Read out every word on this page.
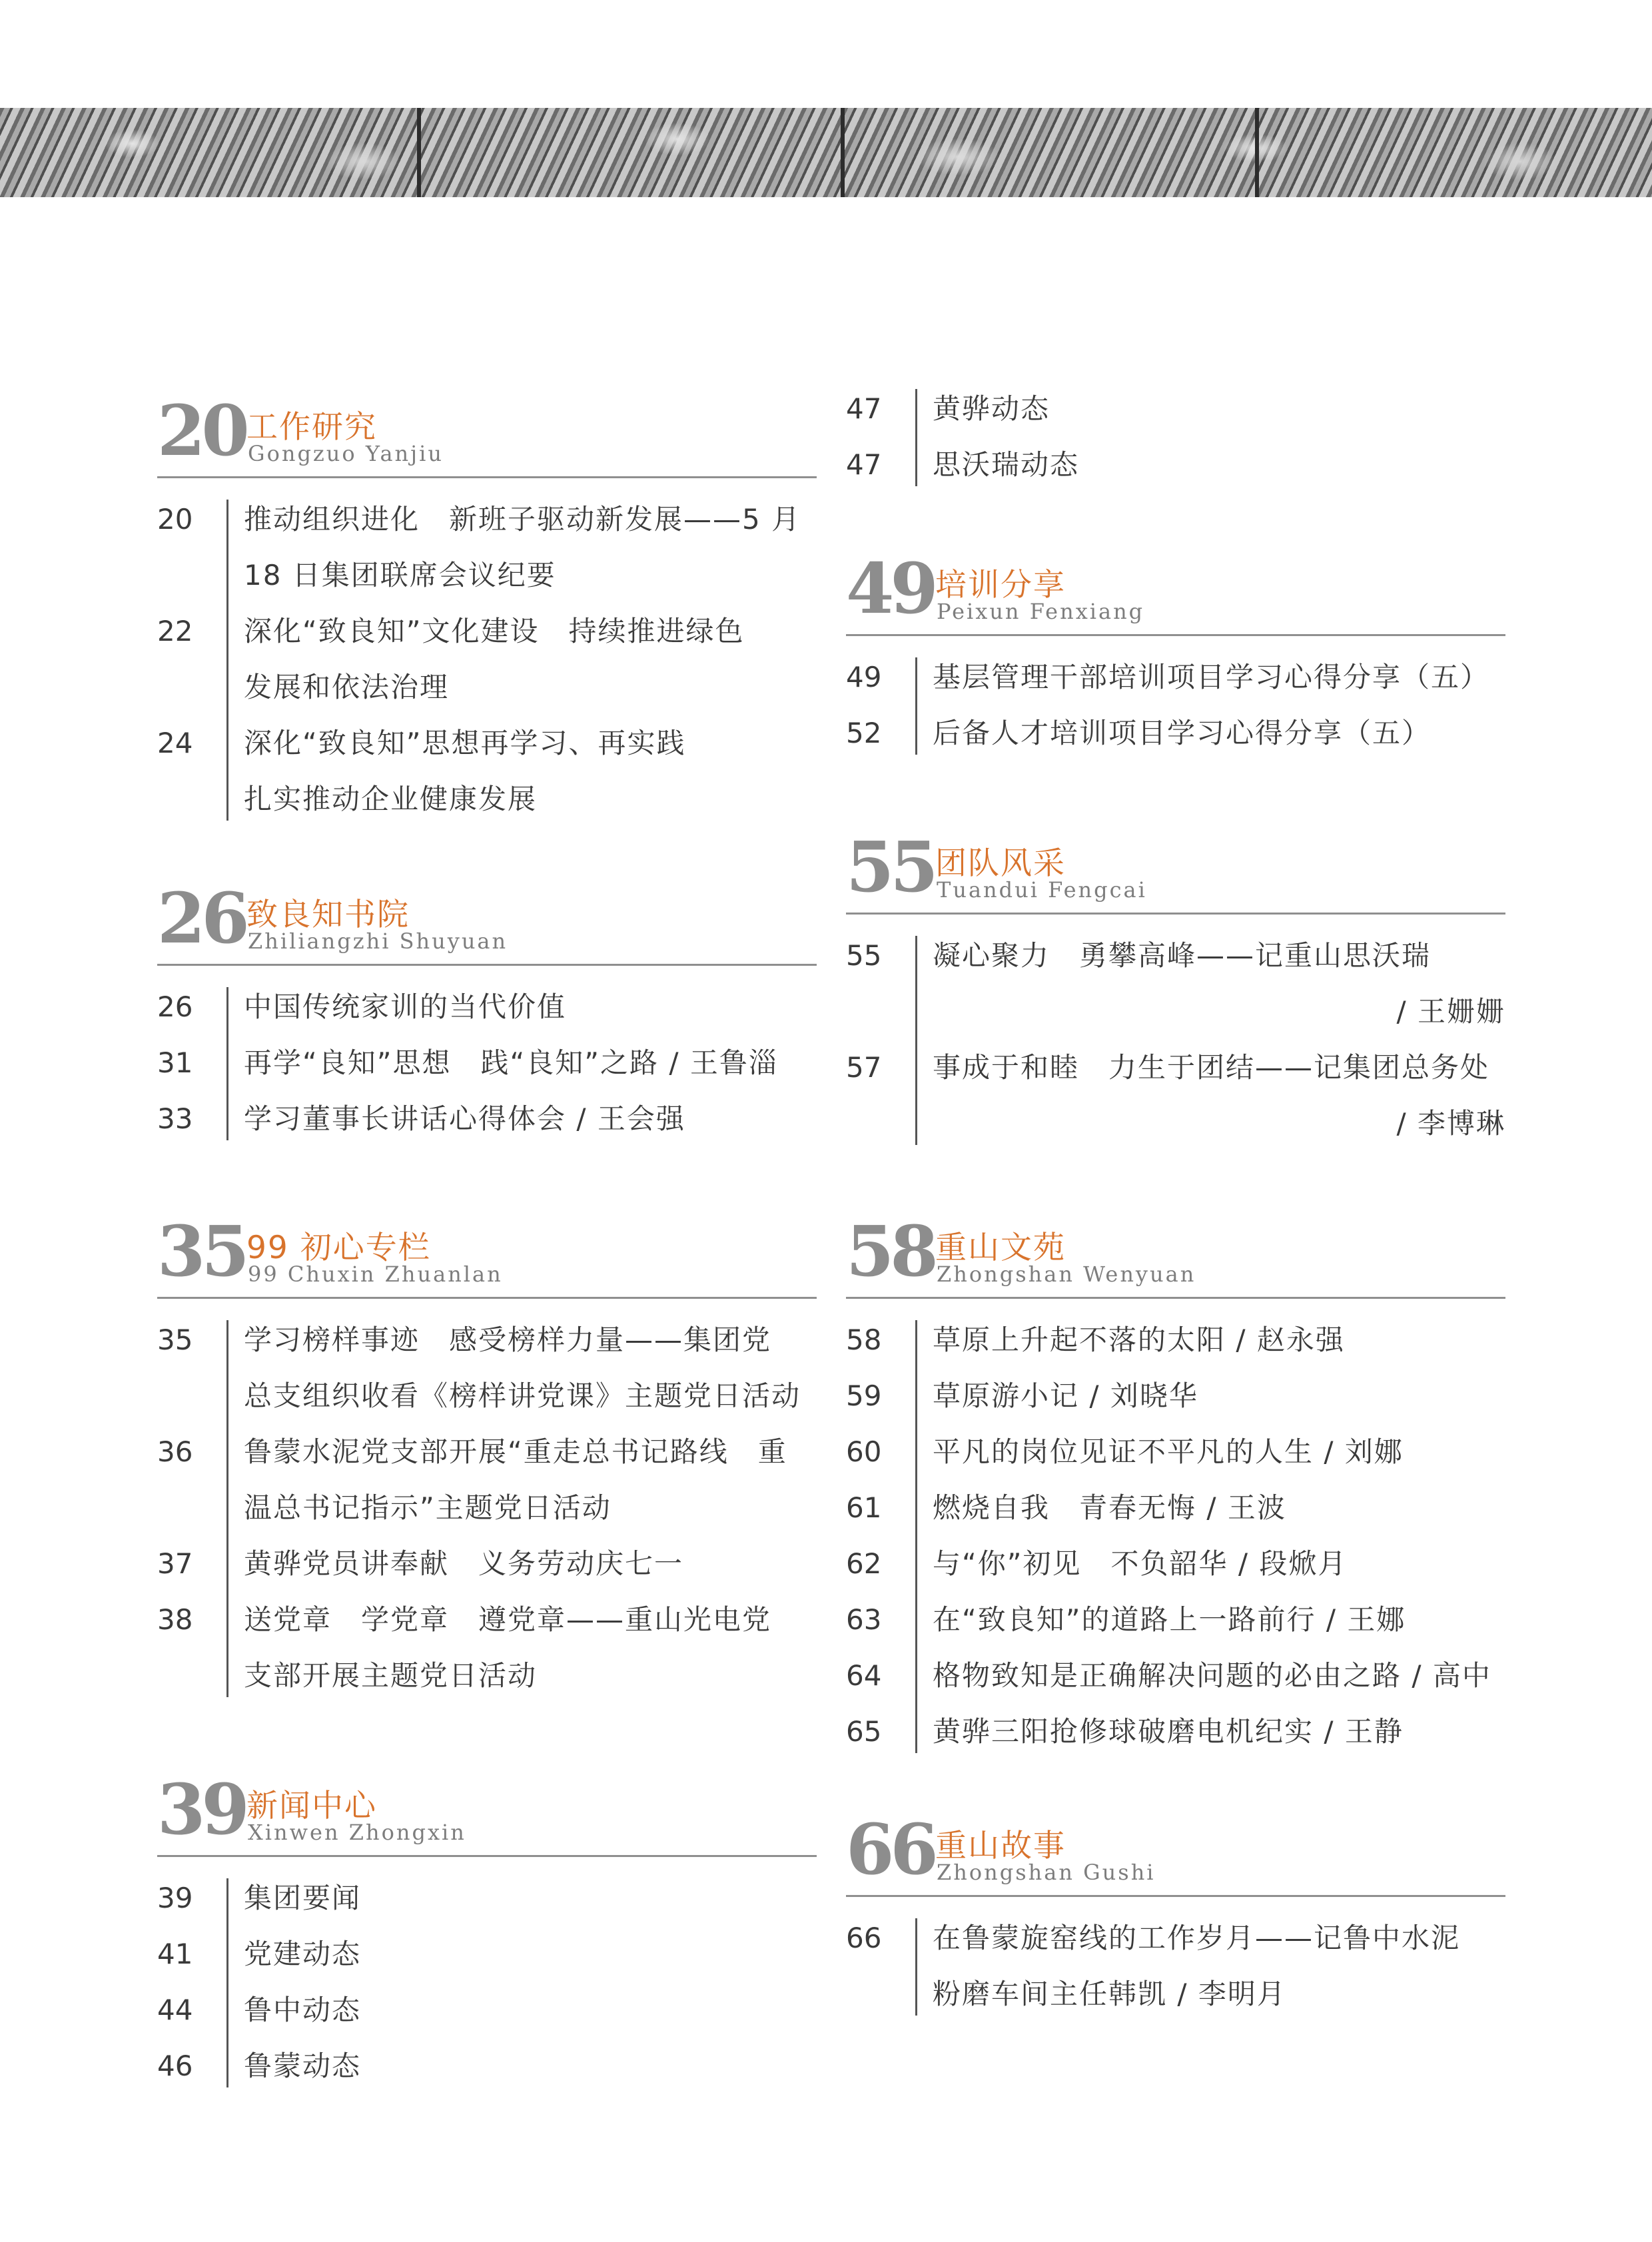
20 工作研究
Gongzuo Yanjiu
20	推动组织进化　新班子驱动新发展——5 月
18 日集团联席会议纪要
22	深化“致良知”文化建设　持续推进绿色
发展和依法治理
24	深化“致良知”思想再学习、再实践
扎实推动企业健康发展
26 致良知书院
Zhiliangzhi Shuyuan
26	中国传统家训的当代价值
31	再学“良知”思想　践“良知”之路 / 王鲁淄
33	学习董事长讲话心得体会 / 王会强
35 99 初心专栏
99 Chuxin Zhuanlan
35	学习榜样事迹　感受榜样力量——集团党
总支组织收看《榜样讲党课》主题党日活动
36	鲁蒙水泥党支部开展“重走总书记路线　重
温总书记指示”主题党日活动
37	黄骅党员讲奉献　义务劳动庆七一
38	送党章　学党章　遵党章——重山光电党
支部开展主题党日活动
39 新闻中心
Xinwen Zhongxin
39	集团要闻
41	党建动态
44	鲁中动态
46	鲁蒙动态
47	黄骅动态
47	思沃瑞动态
49 培训分享
Peixun Fenxiang
49	基层管理干部培训项目学习心得分享（五）
52	后备人才培训项目学习心得分享（五）
55 团队风采
Tuandui Fengcai
55	凝心聚力　勇攀高峰——记重山思沃瑞
/ 王姗姗
57	事成于和睦　力生于团结——记集团总务处
/ 李博琳
58 重山文苑
Zhongshan Wenyuan
58	草原上升起不落的太阳 / 赵永强
59	草原游小记 / 刘晓华
60	平凡的岗位见证不平凡的人生 / 刘娜
61	燃烧自我　青春无悔 / 王波
62	与“你”初见　不负韶华 / 段焮月
63	在“致良知”的道路上一路前行 / 王娜
64	格物致知是正确解决问题的必由之路 / 高中
65	黄骅三阳抢修球破磨电机纪实 / 王静
66 重山故事
Zhongshan Gushi
66	在鲁蒙旋窑线的工作岁月——记鲁中水泥
粉磨车间主任韩凯 / 李明月
